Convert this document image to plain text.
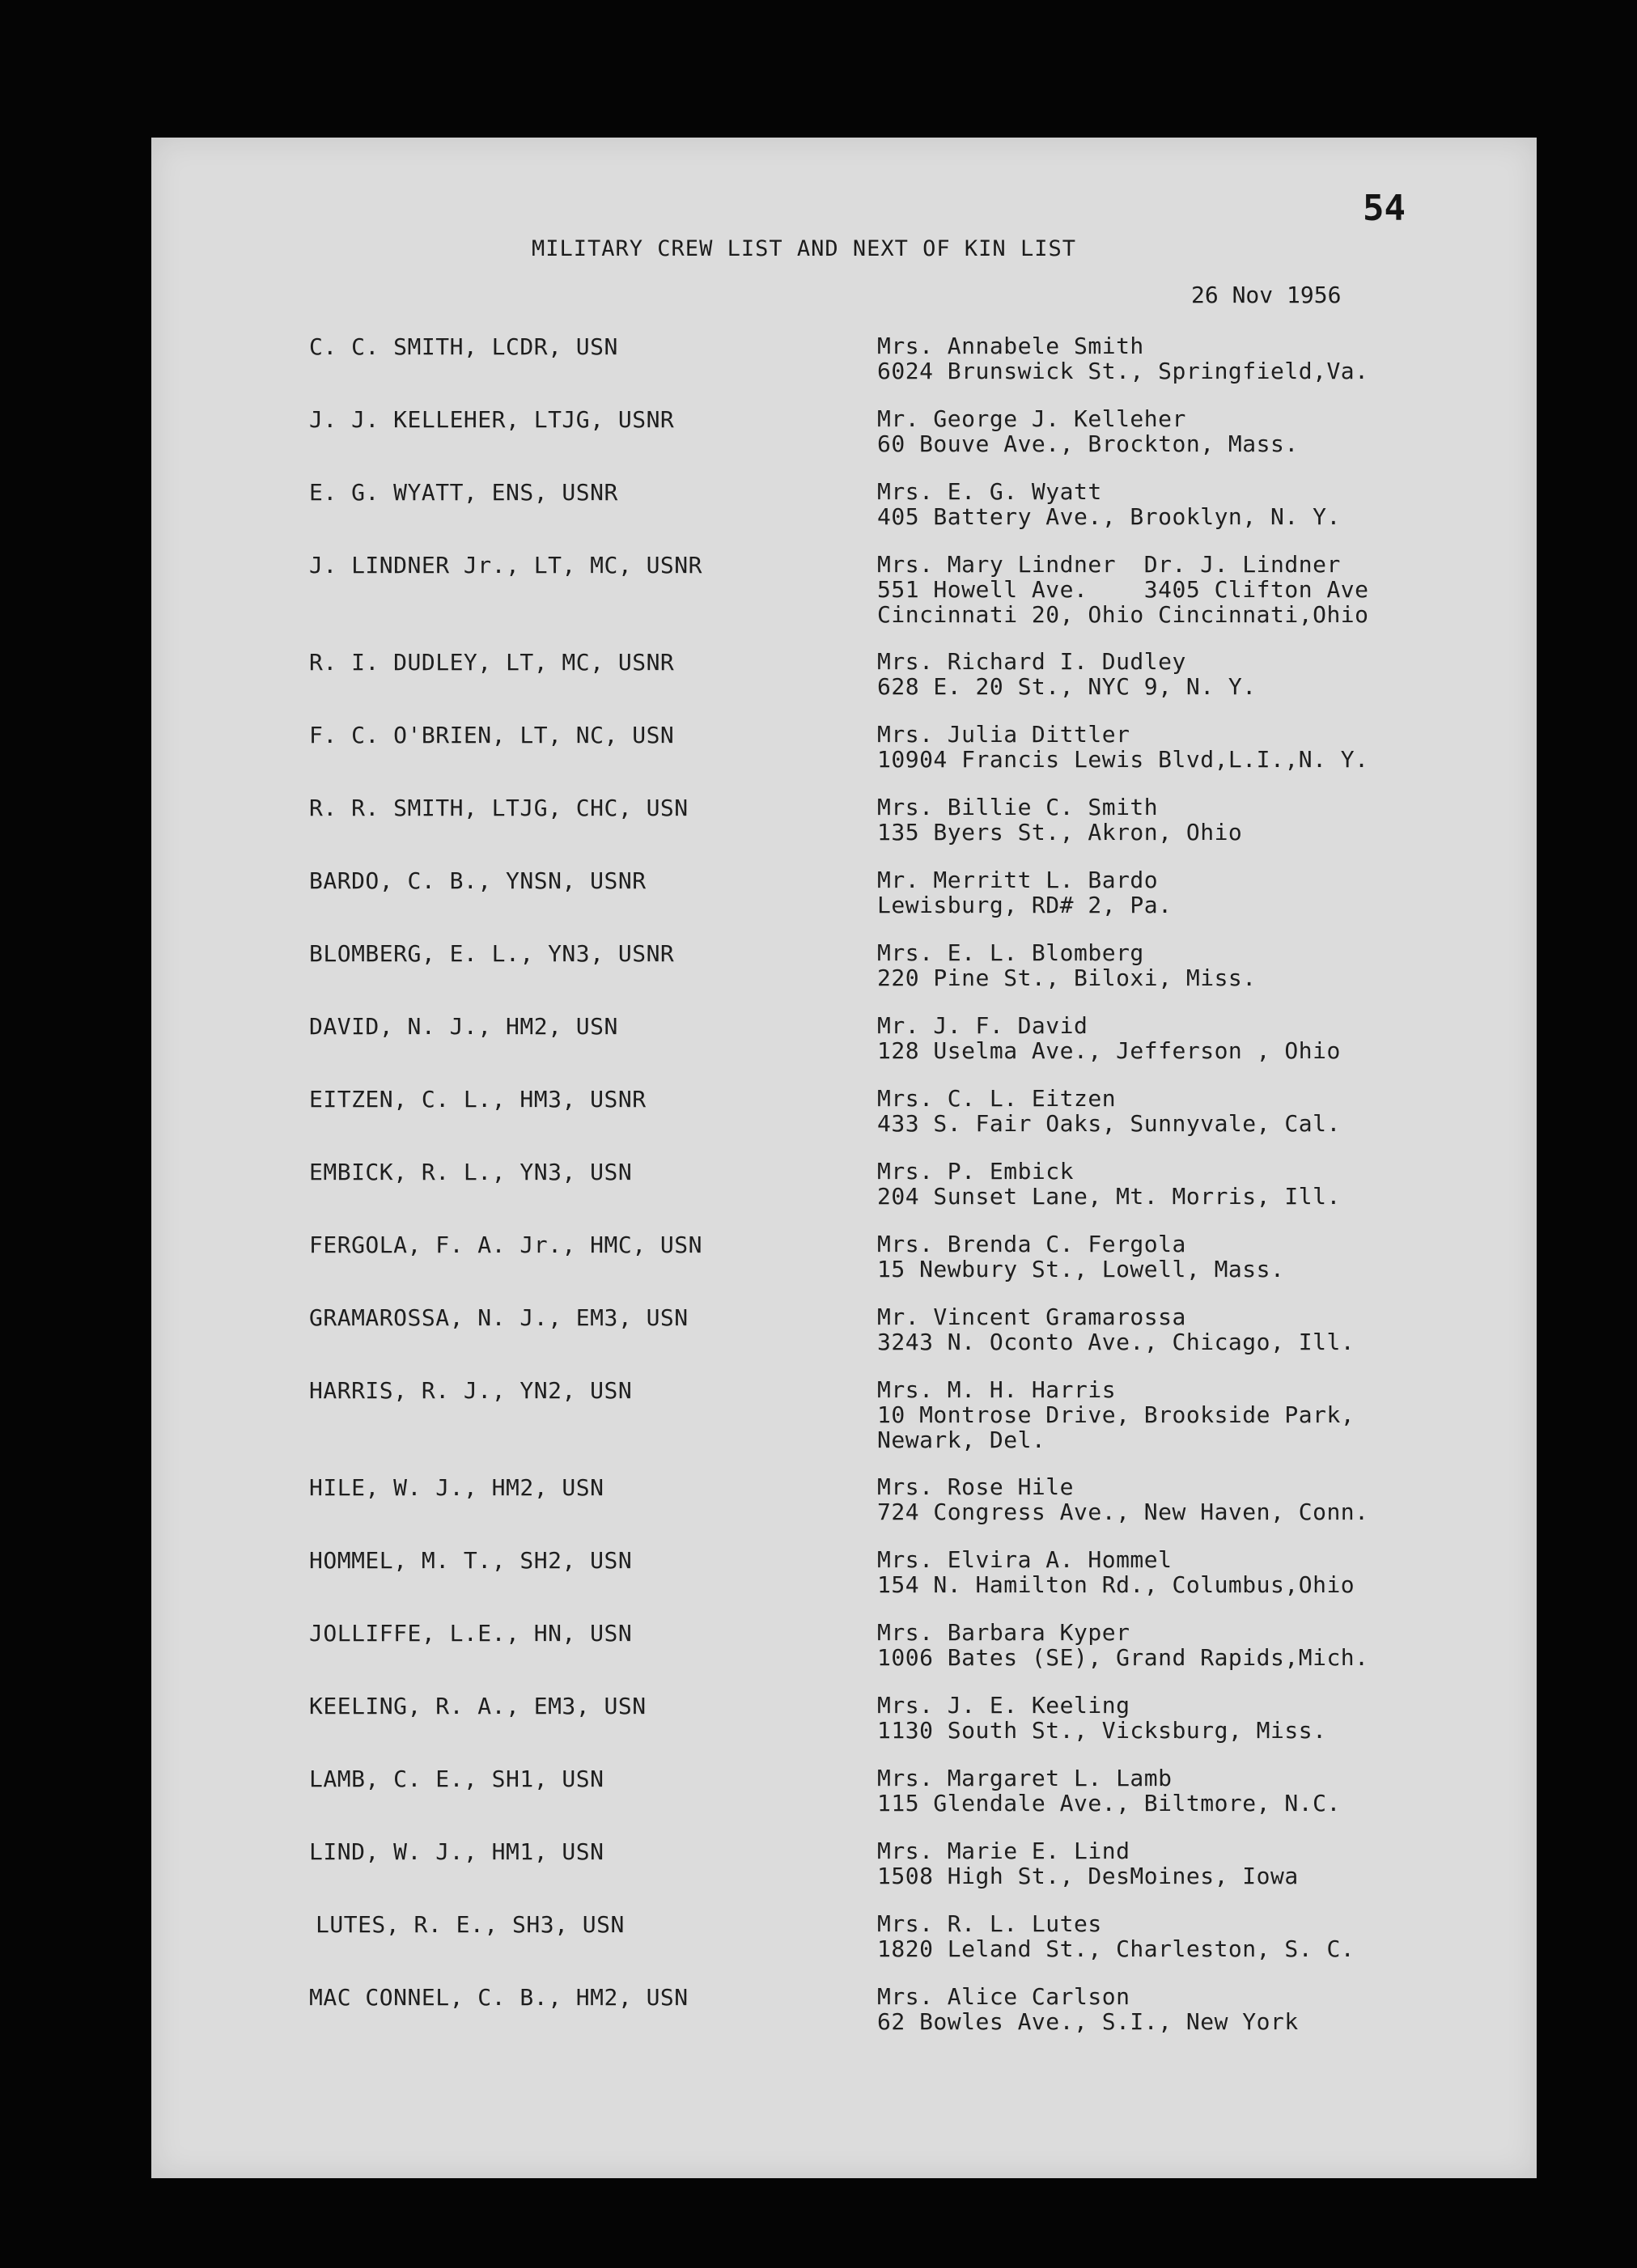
54
MILITARY CREW LIST AND NEXT OF KIN LIST
26 Nov 1956
C. C. SMITH, LCDR, USN	Mrs. Annabele Smith
6024 Brunswick St., Springfield,Va.
J. J. KELLEHER, LTJG, USNR	Mr. George J. Kelleher
60 Bouve Ave., Brockton, Mass.
E. G. WYATT, ENS, USNR	Mrs. E. G. Wyatt
405 Battery Ave., Brooklyn, N. Y.
J. LINDNER Jr., LT, MC, USNR	Mrs. Mary Lindner  Dr. J. Lindner
551 Howell Ave.    3405 Clifton Ave
Cincinnati 20, Ohio Cincinnati,Ohio
R. I. DUDLEY, LT, MC, USNR	Mrs. Richard I. Dudley
628 E. 20 St., NYC 9, N. Y.
F. C. O'BRIEN, LT, NC, USN	Mrs. Julia Dittler
10904 Francis Lewis Blvd,L.I.,N. Y.
R. R. SMITH, LTJG, CHC, USN	Mrs. Billie C. Smith
135 Byers St., Akron, Ohio
BARDO, C. B., YNSN, USNR	Mr. Merritt L. Bardo
Lewisburg, RD# 2, Pa.
BLOMBERG, E. L., YN3, USNR	Mrs. E. L. Blomberg
220 Pine St., Biloxi, Miss.
DAVID, N. J., HM2, USN	Mr. J. F. David
128 Uselma Ave., Jefferson , Ohio
EITZEN, C. L., HM3, USNR	Mrs. C. L. Eitzen
433 S. Fair Oaks, Sunnyvale, Cal.
EMBICK, R. L., YN3, USN	Mrs. P. Embick
204 Sunset Lane, Mt. Morris, Ill.
FERGOLA, F. A. Jr., HMC, USN	Mrs. Brenda C. Fergola
15 Newbury St., Lowell, Mass.
GRAMAROSSA, N. J., EM3, USN	Mr. Vincent Gramarossa
3243 N. Oconto Ave., Chicago, Ill.
HARRIS, R. J., YN2, USN	Mrs. M. H. Harris
10 Montrose Drive, Brookside Park,
Newark, Del.
HILE, W. J., HM2, USN	Mrs. Rose Hile
724 Congress Ave., New Haven, Conn.
HOMMEL, M. T., SH2, USN	Mrs. Elvira A. Hommel
154 N. Hamilton Rd., Columbus,Ohio
JOLLIFFE, L.E., HN, USN	Mrs. Barbara Kyper
1006 Bates (SE), Grand Rapids,Mich.
KEELING, R. A., EM3, USN	Mrs. J. E. Keeling
1130 South St., Vicksburg, Miss.
LAMB, C. E., SH1, USN	Mrs. Margaret L. Lamb
115 Glendale Ave., Biltmore, N.C.
LIND, W. J., HM1, USN	Mrs. Marie E. Lind
1508 High St., DesMoines, Iowa
LUTES, R. E., SH3, USN	Mrs. R. L. Lutes
1820 Leland St., Charleston, S. C.
MAC CONNEL, C. B., HM2, USN	Mrs. Alice Carlson
62 Bowles Ave., S.I., New York
